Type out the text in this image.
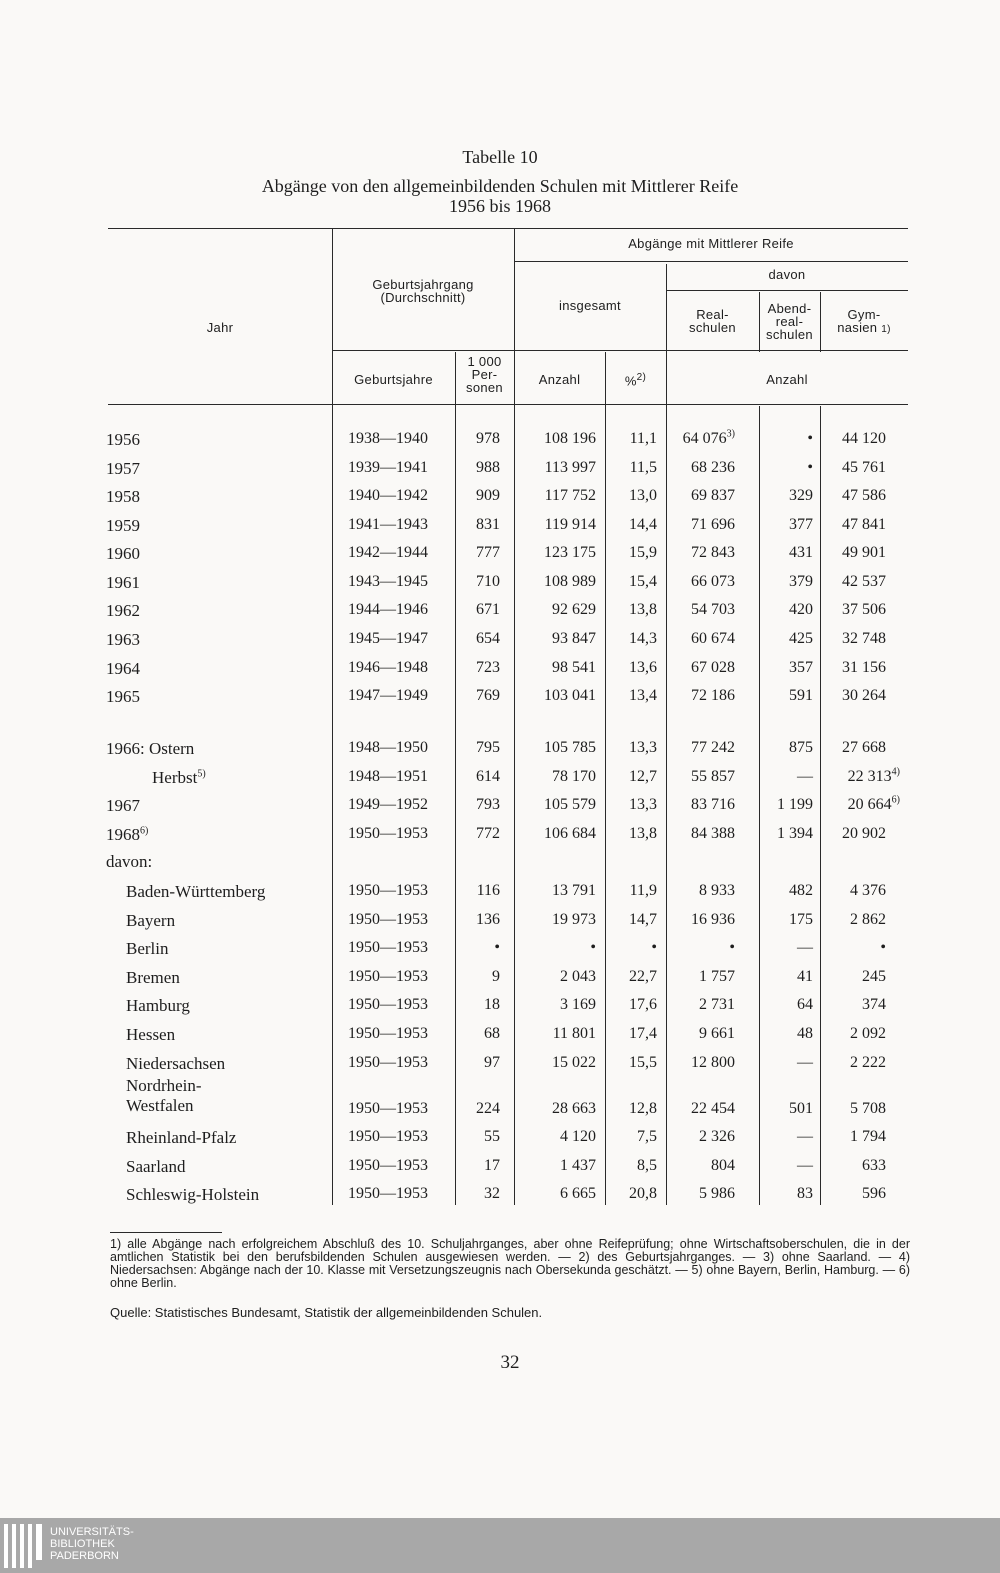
Tabelle 10
Abgänge von den allgemeinbildenden Schulen mit Mittlerer Reife
1956 bis 1968
Jahr
Geburtsjahrgang
(Durchschnitt)
Abgänge mit Mittlerer Reife
insgesamt
davon
Real-
schulen
Abend-
real-
schulen
Gym-
nasien 1)
Geburtsjahre
1 000
Per-
sonen
Anzahl	%$^{2)}$	Anzahl
1956	1938—1940	978	108 196	11,1	64 076$^{3)}$	•	44 120
1957	1939—1941	988	113 997	11,5	68 236	•	45 761
1958	1940—1942	909	117 752	13,0	69 837	329	47 586
1959	1941—1943	831	119 914	14,4	71 696	377	47 841
1960	1942—1944	777	123 175	15,9	72 843	431	49 901
1961	1943—1945	710	108 989	15,4	66 073	379	42 537
1962	1944—1946	671	92 629	13,8	54 703	420	37 506
1963	1945—1947	654	93 847	14,3	60 674	425	32 748
1964	1946—1948	723	98 541	13,6	67 028	357	31 156
1965	1947—1949	769	103 041	13,4	72 186	591	30 264
1966: Ostern	1948—1950	795	105 785	13,3	77 242	875	27 668
Herbst$^{5)}$	1948—1951	614	78 170	12,7	55 857	—	22 313$^{4)}$
1967	1949—1952	793	105 579	13,3	83 716	1 199	20 664$^{6)}$
1968$^{6)}$	1950—1953	772	106 684	13,8	84 388	1 394	20 902
Baden-Württemberg	1950—1953	116	13 791	11,9	8 933	482	4 376
Bayern	1950—1953	136	19 973	14,7	16 936	175	2 862
Berlin	1950—1953	•	•	•	•	—	•
Bremen	1950—1953	9	2 043	22,7	1 757	41	245
Hamburg	1950—1953	18	3 169	17,6	2 731	64	374
Hessen	1950—1953	68	11 801	17,4	9 661	48	2 092
Niedersachsen	1950—1953	97	15 022	15,5	12 800	—	2 222
Nordrhein-
Westfalen	1950—1953	224	28 663	12,8	22 454	501	5 708
Rheinland-Pfalz	1950—1953	55	4 120	7,5	2 326	—	1 794
Saarland	1950—1953	17	1 437	8,5	804	—	633
Schleswig-Holstein	1950—1953	32	6 665	20,8	5 986	83	596
davon:
1) alle Abgänge nach erfolgreichem Abschluß des 10. Schuljahrganges, aber ohne Reifeprüfung; ohne Wirtschaftsoberschulen, die in der amtlichen Statistik bei den berufsbildenden Schulen ausgewiesen werden. — 2) des Geburtsjahrganges. — 3) ohne Saarland. — 4) Niedersachsen: Abgänge nach der 10. Klasse mit Versetzungszeugnis nach Obersekunda geschätzt. — 5) ohne Bayern, Berlin, Hamburg. — 6) ohne Berlin.
Quelle: Statistisches Bundesamt, Statistik der allgemeinbildenden Schulen.
32
UNIVERSITÄTS-
BIBLIOTHEK
PADERBORN
